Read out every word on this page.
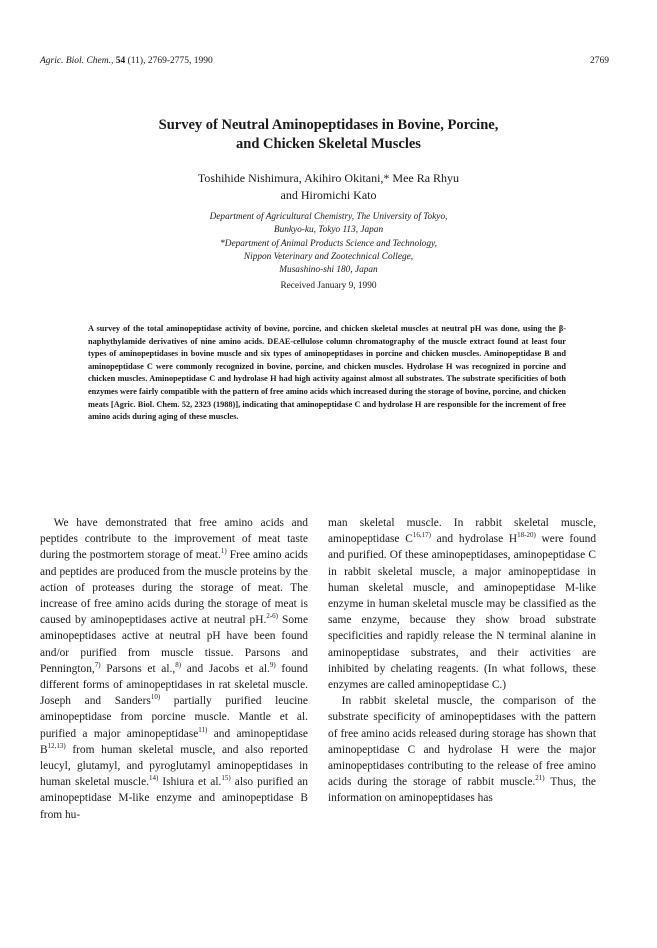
Agric. Biol. Chem., 54 (11), 2769-2775, 1990	2769
Survey of Neutral Aminopeptidases in Bovine, Porcine,
and Chicken Skeletal Muscles
Toshihide Nishimura, Akihiro Okitani,* Mee Ra Rhyu
and Hiromichi Kato
Department of Agricultural Chemistry, The University of Tokyo,
Bunkyo-ku, Tokyo 113, Japan
*Department of Animal Products Science and Technology,
Nippon Veterinary and Zootechnical College,
Musashino-shi 180, Japan
Received January 9, 1990
A survey of the total aminopeptidase activity of bovine, porcine, and chicken skeletal muscles at neutral pH was done, using the β-naphythylamide derivatives of nine amino acids. DEAE-cellulose column chromatography of the muscle extract found at least four types of aminopeptidases in bovine muscle and six types of aminopeptidases in porcine and chicken muscles. Aminopeptidase B and aminopeptidase C were commonly recognized in bovine, porcine, and chicken muscles. Hydrolase H was recognized in porcine and chicken muscles. Aminopeptidase C and hydrolase H had high activity against almost all substrates. The substrate specificities of both enzymes were fairly compatible with the pattern of free amino acids which increased during the storage of bovine, porcine, and chicken meats [Agric. Biol. Chem. 52, 2323 (1988)], indicating that aminopeptidase C and hydrolase H are responsible for the increment of free amino acids during aging of these muscles.

We have demonstrated that free amino acids and peptides contribute to the improvement of meat taste during the postmortem storage of meat.$^{1)}$ Free amino acids and peptides are produced from the muscle proteins by the action of proteases during the storage of meat. The increase of free amino acids during the storage of meat is caused by aminopeptidases active at neutral pH.$^{2-6)}$ Some aminopeptidases active at neutral pH have been found and/or purified from muscle tissue. Parsons and Pennington,$^{7)}$ Parsons et al.,$^{8)}$ and Jacobs et al.$^{9)}$ found different forms of aminopeptidases in rat skeletal muscle. Joseph and Sanders$^{10)}$ partially purified leucine aminopeptidase from porcine muscle. Mantle et al. purified a major aminopeptidase$^{11)}$ and aminopeptidase B$^{12,13)}$ from human skeletal muscle, and also reported leucyl, glutamyl, and pyroglutamyl aminopeptidases in human skeletal muscle.$^{14)}$ Ishiura et al.$^{15)}$ also purified an aminopeptidase M-like enzyme and aminopeptidase B from hu-

man skeletal muscle. In rabbit skeletal muscle, aminopeptidase C$^{16,17)}$ and hydrolase $H^{18-20)}$ were found and purified. Of these aminopeptidases, aminopeptidase C in rabbit skeletal muscle, a major aminopeptidase in human skeletal muscle, and aminopeptidase M-like enzyme in human skeletal muscle may be classified as the same enzyme, because they show broad substrate specificities and rapidly release the N terminal alanine in aminopeptidase substrates, and their activities are inhibited by chelating reagents. (In what follows, these enzymes are called aminopeptidase C.)

In rabbit skeletal muscle, the comparison of the substrate specificity of aminopeptidases with the pattern of free amino acids released during storage has shown that aminopeptidase C and hydrolase H were the major aminopeptidases contributing to the release of free amino acids during the storage of rabbit muscle.$^{21)}$ Thus, the information on aminopeptidases has
